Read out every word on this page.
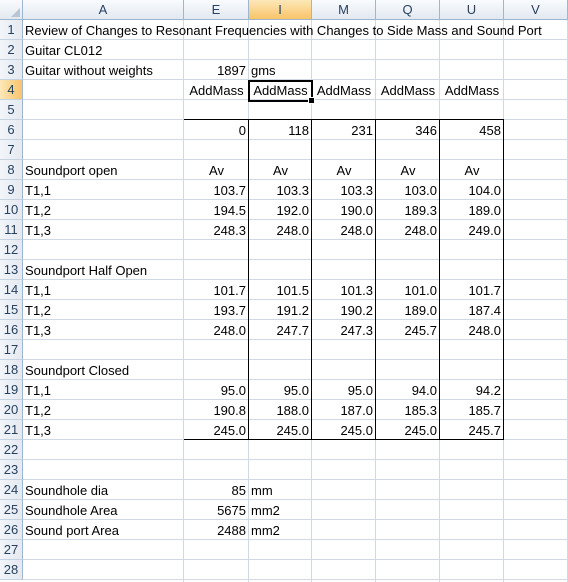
A	E	I	M	Q	U	V
1
2
3
4
5
6
7
8
9
10
11
12
13
14
15
16
17
18
19
20
21
22
23
24
25
26
27
28
AddMass AddMass AddMass AddMass AddMass
0	118	231	346	458
Soundport open	Av	Av	Av	Av	Av
T1,1	103.7	103.3	103.3	103.0	104.0
T1,2	194.5	192.0	190.0	189.3	189.0
T1,3	248.3	248.0	248.0	248.0	249.0
Soundport Half Open
T1,1	101.7	101.5	101.3	101.0	101.7
T1,2	193.7	191.2	190.2	189.0	187.4
T1,3	248.0	247.7	247.3	245.7	248.0
Soundport Closed
T1,1	95.0	95.0	95.0	94.0	94.2
T1,2	190.8	188.0	187.0	185.3	185.7
T1,3	245.0	245.0	245.0	245.0	245.7
Review of Changes to Resonant Frequencies with Changes to Side Mass and Sound Port
Guitar CL012
Guitar without weights	1897 gms
Soundhole dia	85 mm
Soundhole Area	5675 mm2
Sound port Area	2488 mm2
